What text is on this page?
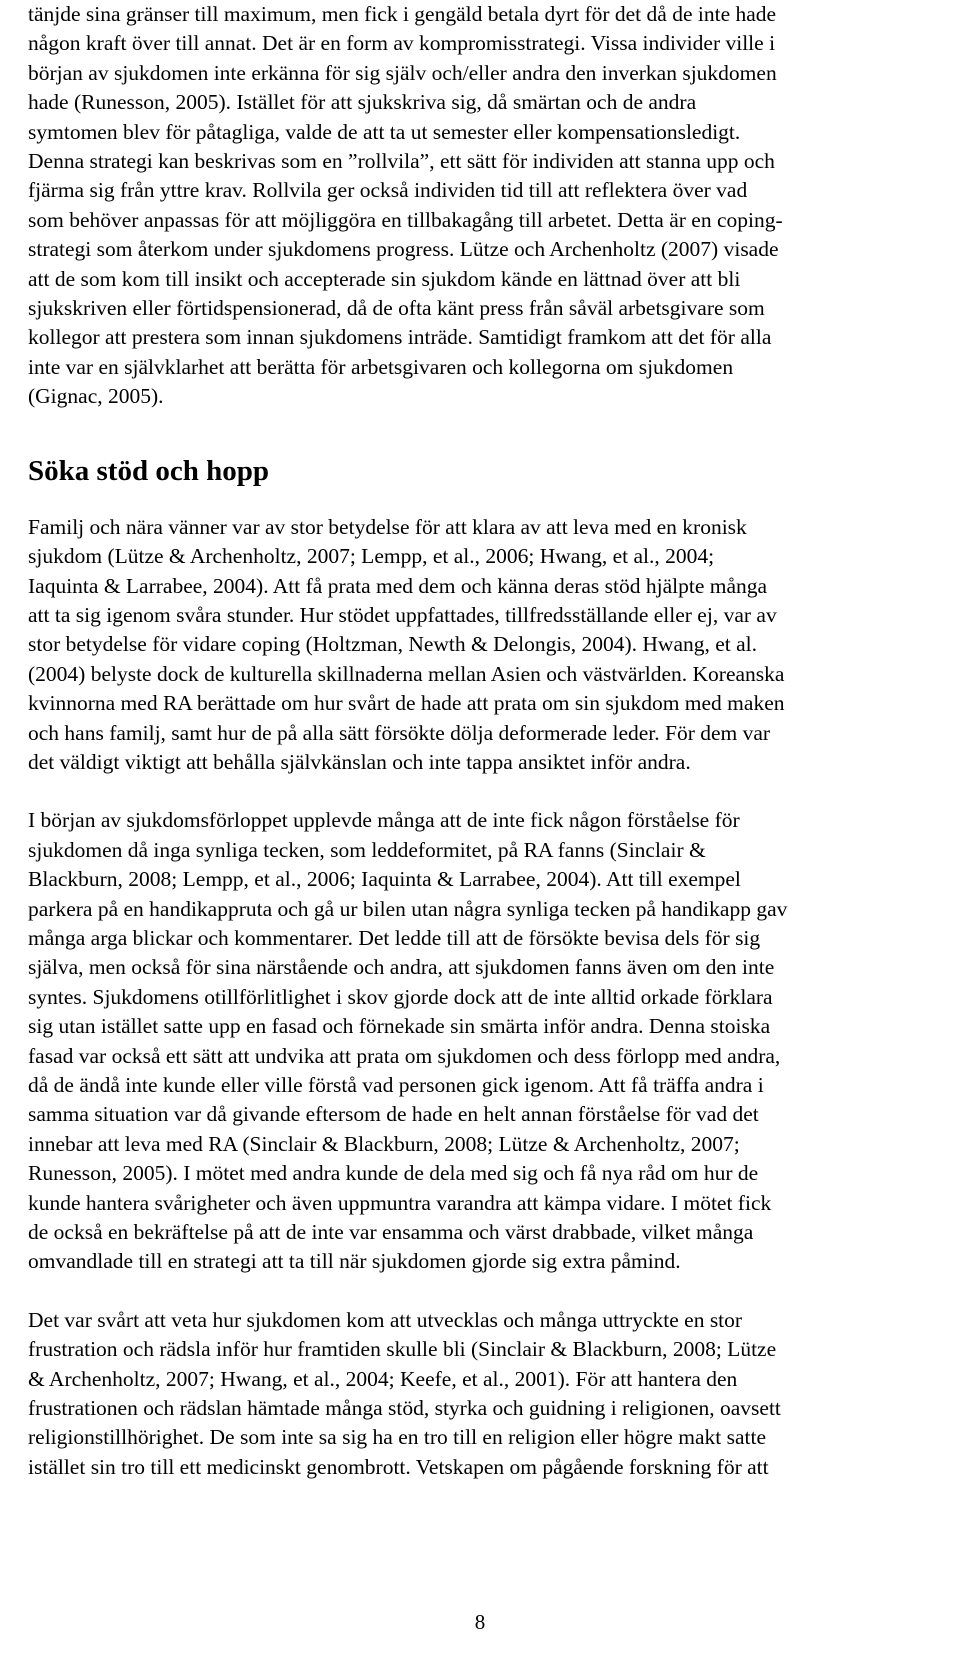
tänjde sina gränser till maximum, men fick i gengäld betala dyrt för det då de inte hade
någon kraft över till annat. Det är en form av kompromisstrategi. Vissa individer ville i
början av sjukdomen inte erkänna för sig själv och/eller andra den inverkan sjukdomen
hade (Runesson, 2005). Istället för att sjukskriva sig, då smärtan och de andra
symtomen blev för påtagliga, valde de att ta ut semester eller kompensationsledigt.
Denna strategi kan beskrivas som en ”rollvila”, ett sätt för individen att stanna upp och
fjärma sig från yttre krav. Rollvila ger också individen tid till att reflektera över vad
som behöver anpassas för att möjliggöra en tillbakagång till arbetet. Detta är en coping-
strategi som återkom under sjukdomens progress. Lütze och Archenholtz (2007) visade
att de som kom till insikt och accepterade sin sjukdom kände en lättnad över att bli
sjukskriven eller förtidspensionerad, då de ofta känt press från såväl arbetsgivare som
kollegor att prestera som innan sjukdomens inträde. Samtidigt framkom att det för alla
inte var en självklarhet att berätta för arbetsgivaren och kollegorna om sjukdomen
(Gignac, 2005).

Söka stöd och hopp

Familj och nära vänner var av stor betydelse för att klara av att leva med en kronisk
sjukdom (Lütze & Archenholtz, 2007; Lempp, et al., 2006; Hwang, et al., 2004;
Iaquinta & Larrabee, 2004). Att få prata med dem och känna deras stöd hjälpte många
att ta sig igenom svåra stunder. Hur stödet uppfattades, tillfredsställande eller ej, var av
stor betydelse för vidare coping (Holtzman, Newth & Delongis, 2004). Hwang, et al.
(2004) belyste dock de kulturella skillnaderna mellan Asien och västvärlden. Koreanska
kvinnorna med RA berättade om hur svårt de hade att prata om sin sjukdom med maken
och hans familj, samt hur de på alla sätt försökte dölja deformerade leder. För dem var
det väldigt viktigt att behålla självkänslan och inte tappa ansiktet inför andra.

I början av sjukdomsförloppet upplevde många att de inte fick någon förståelse för
sjukdomen då inga synliga tecken, som leddeformitet, på RA fanns (Sinclair &
Blackburn, 2008; Lempp, et al., 2006; Iaquinta & Larrabee, 2004). Att till exempel
parkera på en handikappruta och gå ur bilen utan några synliga tecken på handikapp gav
många arga blickar och kommentarer. Det ledde till att de försökte bevisa dels för sig
själva, men också för sina närstående och andra, att sjukdomen fanns även om den inte
syntes. Sjukdomens otillförlitlighet i skov gjorde dock att de inte alltid orkade förklara
sig utan istället satte upp en fasad och förnekade sin smärta inför andra. Denna stoiska
fasad var också ett sätt att undvika att prata om sjukdomen och dess förlopp med andra,
då de ändå inte kunde eller ville förstå vad personen gick igenom. Att få träffa andra i
samma situation var då givande eftersom de hade en helt annan förståelse för vad det
innebar att leva med RA (Sinclair & Blackburn, 2008; Lütze & Archenholtz, 2007;
Runesson, 2005). I mötet med andra kunde de dela med sig och få nya råd om hur de
kunde hantera svårigheter och även uppmuntra varandra att kämpa vidare. I mötet fick
de också en bekräftelse på att de inte var ensamma och värst drabbade, vilket många
omvandlade till en strategi att ta till när sjukdomen gjorde sig extra påmind.

Det var svårt att veta hur sjukdomen kom att utvecklas och många uttryckte en stor
frustration och rädsla inför hur framtiden skulle bli (Sinclair & Blackburn, 2008; Lütze
& Archenholtz, 2007; Hwang, et al., 2004; Keefe, et al., 2001). För att hantera den
frustrationen och rädslan hämtade många stöd, styrka och guidning i religionen, oavsett
religionstillhörighet. De som inte sa sig ha en tro till en religion eller högre makt satte
istället sin tro till ett medicinskt genombrott. Vetskapen om pågående forskning för att

8
